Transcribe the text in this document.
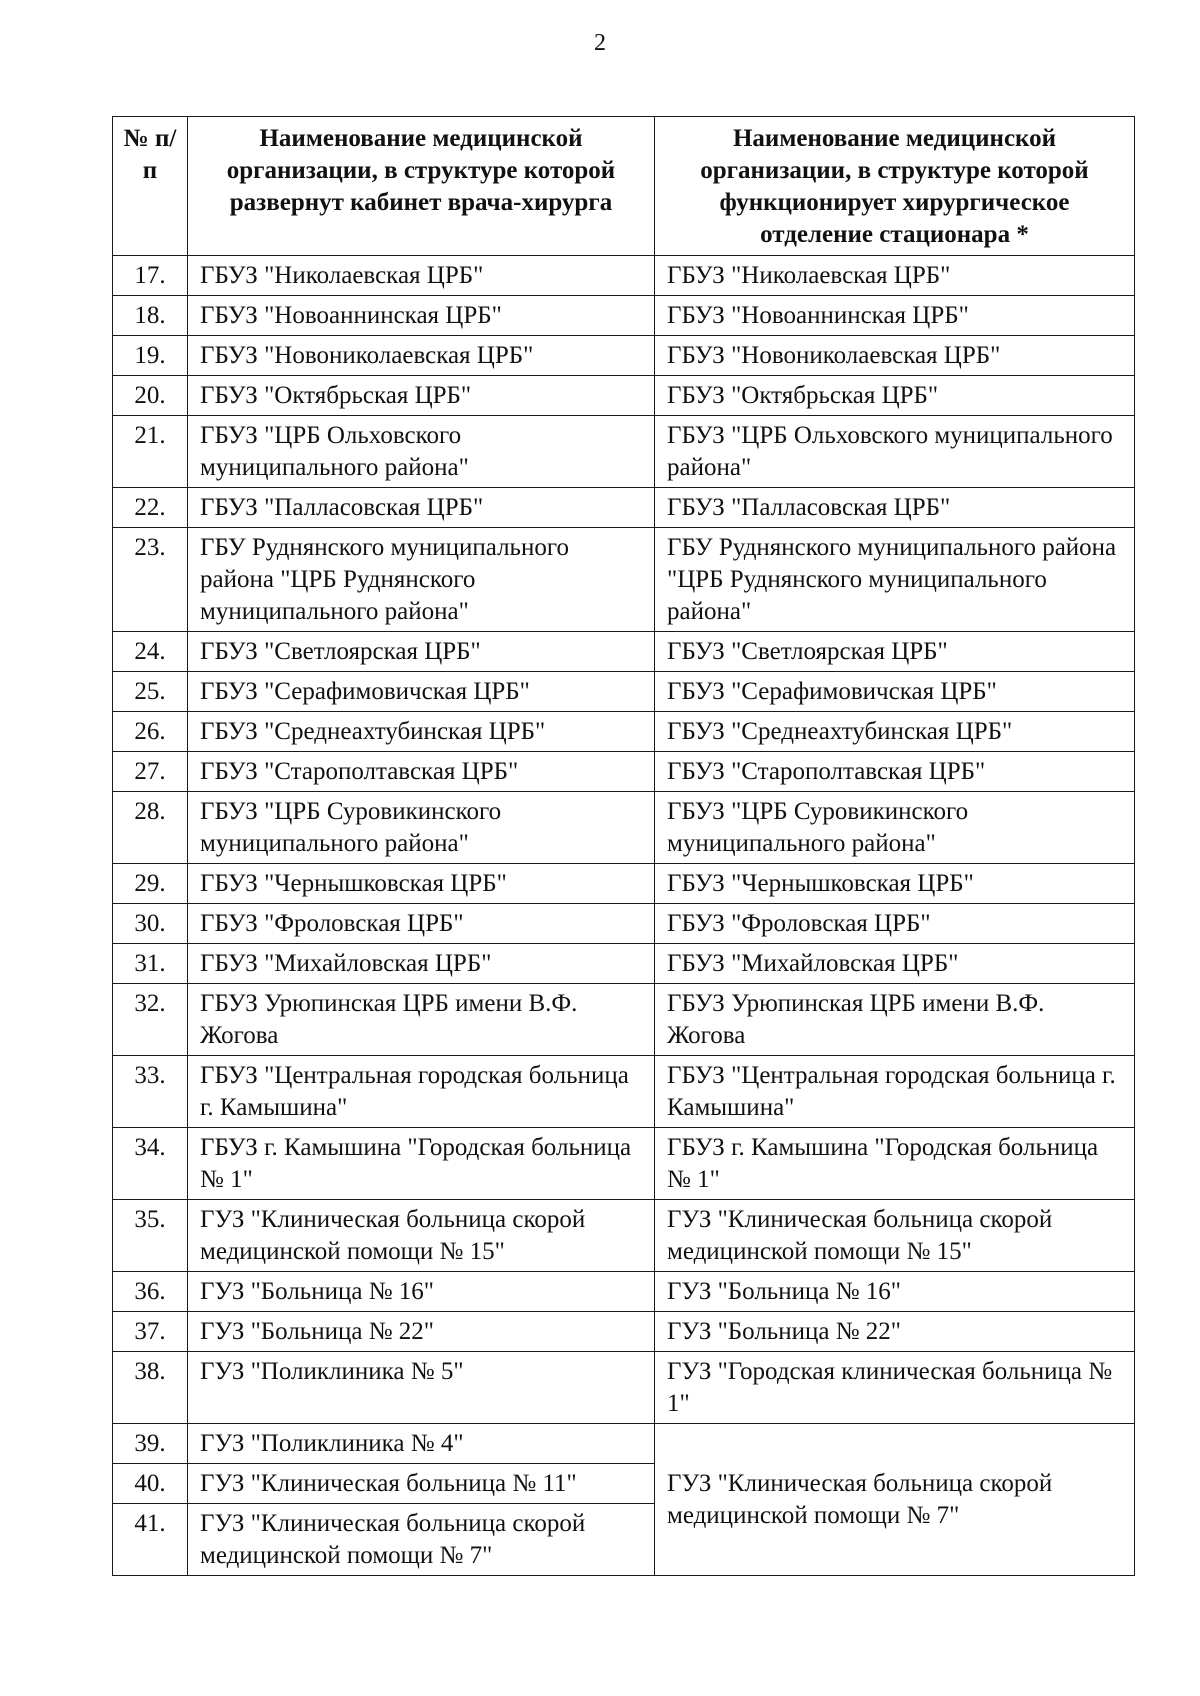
2
№ п/п	Наименование медицинской организации, в структуре которой развернут кабинет врача-хирурга	Наименование медицинской организации, в структуре которой функционирует хирургическое отделение стационара *
17.	ГБУЗ "Николаевская ЦРБ"	ГБУЗ "Николаевская ЦРБ"
18.	ГБУЗ "Новоаннинская ЦРБ"	ГБУЗ "Новоаннинская ЦРБ"
19.	ГБУЗ "Новониколаевская ЦРБ"	ГБУЗ "Новониколаевская ЦРБ"
20.	ГБУЗ "Октябрьская ЦРБ"	ГБУЗ "Октябрьская ЦРБ"
21.	ГБУЗ "ЦРБ Ольховского муниципального района"	ГБУЗ "ЦРБ Ольховского муниципального района"
22.	ГБУЗ "Палласовская ЦРБ"	ГБУЗ "Палласовская ЦРБ"
23.	ГБУ Руднянского муниципального района "ЦРБ Руднянского муниципального района"	ГБУ Руднянского муниципального района "ЦРБ Руднянского муниципального района"
24.	ГБУЗ "Светлоярская ЦРБ"	ГБУЗ "Светлоярская ЦРБ"
25.	ГБУЗ "Серафимовичская ЦРБ"	ГБУЗ "Серафимовичская ЦРБ"
26.	ГБУЗ "Среднеахтубинская ЦРБ"	ГБУЗ "Среднеахтубинская ЦРБ"
27.	ГБУЗ "Старополтавская ЦРБ"	ГБУЗ "Старополтавская ЦРБ"
28.	ГБУЗ "ЦРБ Суровикинского муниципального района"	ГБУЗ "ЦРБ Суровикинского муниципального района"
29.	ГБУЗ "Чернышковская ЦРБ"	ГБУЗ "Чернышковская ЦРБ"
30.	ГБУЗ "Фроловская ЦРБ"	ГБУЗ "Фроловская ЦРБ"
31.	ГБУЗ "Михайловская ЦРБ"	ГБУЗ "Михайловская ЦРБ"
32.	ГБУЗ Урюпинская ЦРБ имени В.Ф. Жогова	ГБУЗ Урюпинская ЦРБ имени В.Ф. Жогова
33.	ГБУЗ "Центральная городская больница г. Камышина"	ГБУЗ "Центральная городская больница г. Камышина"
34.	ГБУЗ г. Камышина "Городская больница № 1"	ГБУЗ г. Камышина "Городская больница № 1"
35.	ГУЗ "Клиническая больница скорой медицинской помощи № 15"	ГУЗ "Клиническая больница скорой медицинской помощи № 15"
36.	ГУЗ "Больница № 16"	ГУЗ "Больница № 16"
37.	ГУЗ "Больница № 22"	ГУЗ "Больница № 22"
38.	ГУЗ "Поликлиника № 5"	ГУЗ "Городская клиническая больница № 1"
39.	ГУЗ "Поликлиника № 4"	ГУЗ "Клиническая больница скорой медицинской помощи № 7"
40.	ГУЗ "Клиническая больница № 11"	
41.	ГУЗ "Клиническая больница скорой медицинской помощи № 7"	
